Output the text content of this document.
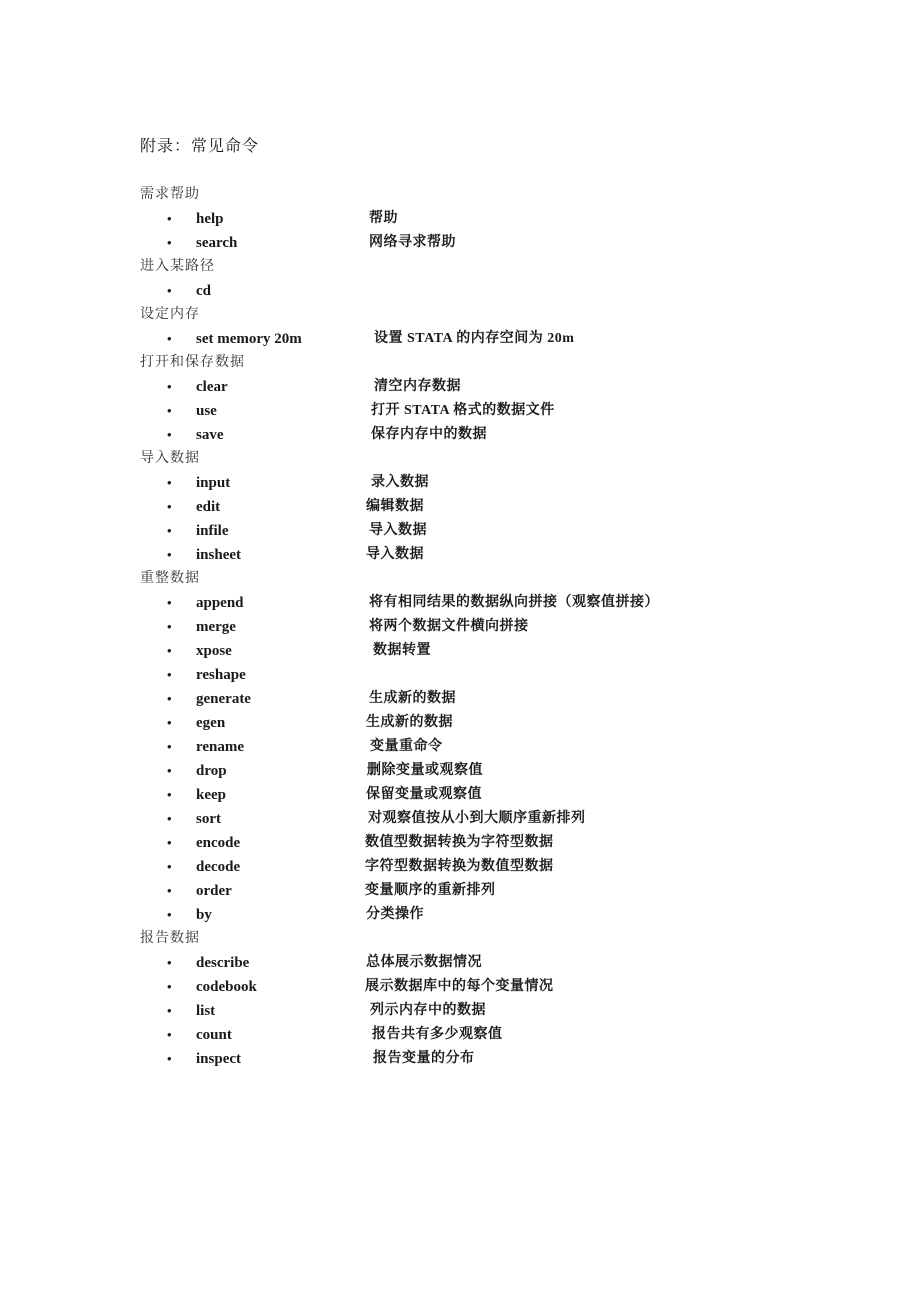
附录：常见命令
需求帮助
• help	帮助
• search	网络寻求帮助
进入某路径
• cd
设定内存
• set memory 20m	设置 STATA 的内存空间为 20m
打开和保存数据
• clear	清空内存数据
• use	打开 STATA 格式的数据文件
• save	保存内存中的数据
导入数据
• input	录入数据
• edit	编辑数据
• infile	导入数据
• insheet	导入数据
重整数据
• append	将有相同结果的数据纵向拼接（观察值拼接）
• merge	将两个数据文件横向拼接
• xpose	数据转置
• reshape
• generate	生成新的数据
• egen	生成新的数据
• rename	变量重命令
• drop	删除变量或观察值
• keep	保留变量或观察值
• sort	对观察值按从小到大顺序重新排列
• encode	数值型数据转换为字符型数据
• decode	字符型数据转换为数值型数据
• order	变量顺序的重新排列
• by	分类操作
报告数据
• describe	总体展示数据情况
• codebook	展示数据库中的每个变量情况
• list	列示内存中的数据
• count	报告共有多少观察值
• inspect	报告变量的分布
